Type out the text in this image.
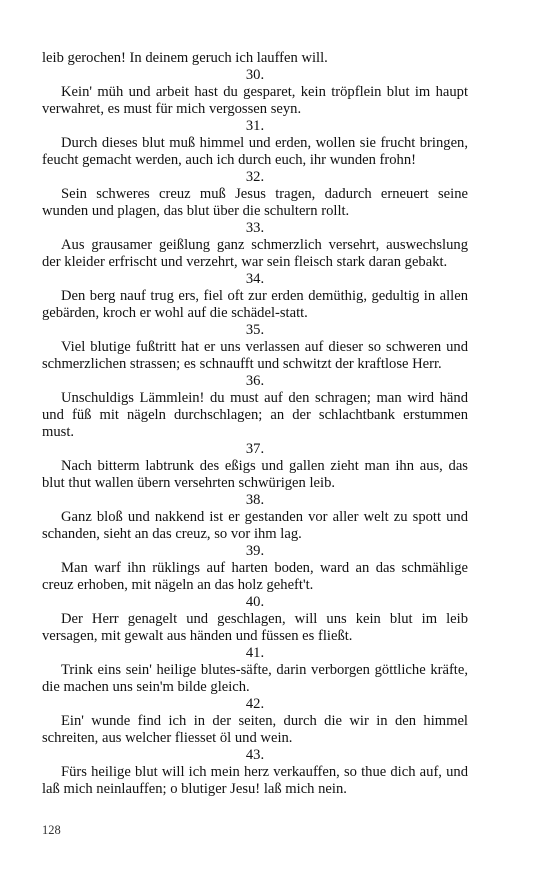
leib gerochen! In deinem geruch ich lauffen will.
30.

Kein' müh und arbeit hast du gesparet, kein tröpflein blut im haupt verwahret, es must für mich vergossen seyn.

31.

Durch dieses blut muß himmel und erden, wollen sie frucht bringen, feucht gemacht werden, auch ich durch euch, ihr wunden frohn!

32.

Sein schweres creuz muß Jesus tragen, dadurch erneuert seine wunden und plagen, das blut über die schultern rollt.

33.

Aus grausamer geißlung ganz schmerzlich versehrt, auswechslung der kleider erfrischt und verzehrt, war sein fleisch stark daran gebakt.

34.

Den berg nauf trug ers, fiel oft zur erden demüthig, gedultig in allen gebärden, kroch er wohl auf die schädel-statt.

35.

Viel blutige fußtritt hat er uns verlassen auf dieser so schweren und schmerzlichen strassen; es schnaufft und schwitzt der kraftlose Herr.

36.

Unschuldigs Lämmlein! du must auf den schragen; man wird händ und füß mit nägeln durchschlagen; an der schlachtbank erstummen must.

37.

Nach bitterm labtrunk des eßigs und gallen zieht man ihn aus, das blut thut wallen übern versehrten schwürigen leib.

38.

Ganz bloß und nakkend ist er gestanden vor aller welt zu spott und schanden, sieht an das creuz, so vor ihm lag.

39.

Man warf ihn rüklings auf harten boden, ward an das schmählige creuz erhoben, mit nägeln an das holz geheft't.

40.

Der Herr genagelt und geschlagen, will uns kein blut im leib versagen, mit gewalt aus händen und füssen es fließt.

41.

Trink eins sein' heilige blutes-säfte, darin verborgen göttliche kräfte, die machen uns sein'm bilde gleich.

42.

Ein' wunde find ich in der seiten, durch die wir in den himmel schreiten, aus welcher fliesset öl und wein.

43.

Fürs heilige blut will ich mein herz verkauffen, so thue dich auf, und laß mich neinlauffen; o blutiger Jesu! laß mich nein.

128
